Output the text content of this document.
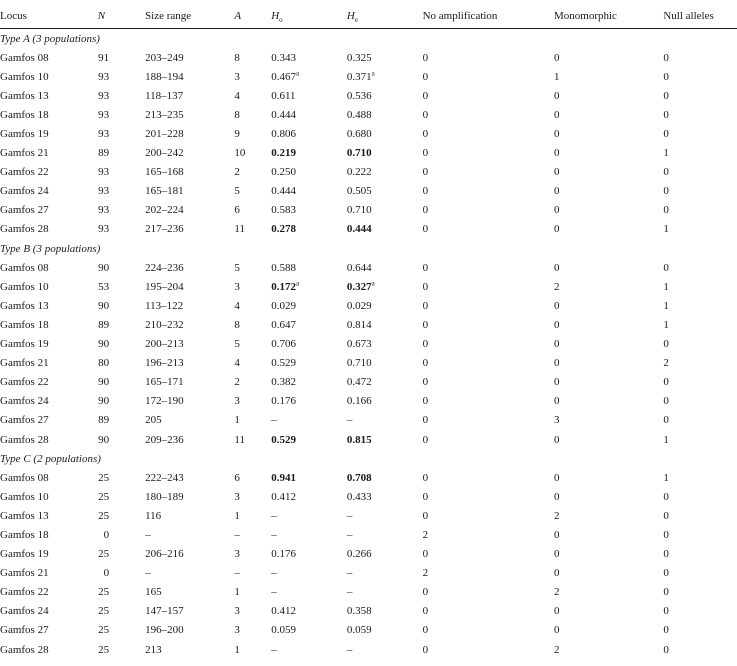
Locus	N	Size range	A	$H_o$	$H_e$	No amplification	Monomorphic	Null alleles
Type A (3 populations)								
Gamfos 08	91	203–249	8	0.343	0.325	0	0	0
Gamfos 10	93	188–194	3	0.467$^a$	0.371$^a$	0	1	0
Gamfos 13	93	118–137	4	0.611	0.536	0	0	0
Gamfos 18	93	213–235	8	0.444	0.488	0	0	0
Gamfos 19	93	201–228	9	0.806	0.680	0	0	0
Gamfos 21	89	200–242	10	0.219	0.710	0	0	1
Gamfos 22	93	165–168	2	0.250	0.222	0	0	0
Gamfos 24	93	165–181	5	0.444	0.505	0	0	0
Gamfos 27	93	202–224	6	0.583	0.710	0	0	0
Gamfos 28	93	217–236	11	0.278	0.444	0	0	1
Type B (3 populations)								
Gamfos 08	90	224–236	5	0.588	0.644	0	0	0
Gamfos 10	53	195–204	3	0.172$^a$	0.327$^a$	0	2	1
Gamfos 13	90	113–122	4	0.029	0.029	0	0	1
Gamfos 18	89	210–232	8	0.647	0.814	0	0	1
Gamfos 19	90	200–213	5	0.706	0.673	0	0	0
Gamfos 21	80	196–213	4	0.529	0.710	0	0	2
Gamfos 22	90	165–171	2	0.382	0.472	0	0	0
Gamfos 24	90	172–190	3	0.176	0.166	0	0	0
Gamfos 27	89	205	1	–	–	0	3	0
Gamfos 28	90	209–236	11	0.529	0.815	0	0	1
Type C (2 populations)								
Gamfos 08	25	222–243	6	0.941	0.708	0	0	1
Gamfos 10	25	180–189	3	0.412	0.433	0	0	0
Gamfos 13	25	116	1	–	–	0	2	0
Gamfos 18	0	–	–	–	–	2	0	0
Gamfos 19	25	206–216	3	0.176	0.266	0	0	0
Gamfos 21	0	–	–	–	–	2	0	0
Gamfos 22	25	165	1	–	–	0	2	0
Gamfos 24	25	147–157	3	0.412	0.358	0	0	0
Gamfos 27	25	196–200	3	0.059	0.059	0	0	0
Gamfos 28	25	213	1	–	–	0	2	0
